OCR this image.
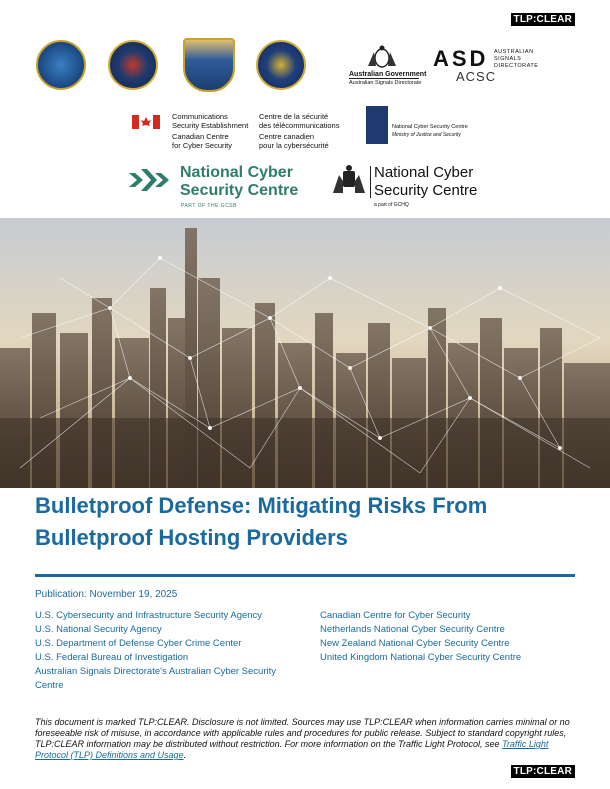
TLP:CLEAR
Australian Government
Australian Signals Directorate
ASD AUSTRALIAN
SIGNALS
DIRECTORATE
ACSC
Communications
Security Establishment
Canadian Centre
for Cyber Security
Centre de la sécurité
des télécommunications
Centre canadien
pour la cybersécurité
National Cyber Security Centre
Ministry of Justice and Security
National Cyber
Security Centre
PART OF THE GCSB
National Cyber
Security Centre
a part of GCHQ
Bulletproof Defense: Mitigating Risks From
Bulletproof Hosting Providers
Publication: November 19, 2025
U.S. Cybersecurity and Infrastructure Security Agency
U.S. National Security Agency
U.S. Department of Defense Cyber Crime Center
U.S. Federal Bureau of Investigation
Australian Signals Directorate's Australian Cyber Security
Centre
Canadian Centre for Cyber Security
Netherlands National Cyber Security Centre
New Zealand National Cyber Security Centre
United Kingdom National Cyber Security Centre
This document is marked TLP:CLEAR. Disclosure is not limited. Sources may use TLP:CLEAR when information carries minimal or no foreseeable risk of misuse, in accordance with applicable rules and procedures for public release. Subject to standard copyright rules, TLP:CLEAR information may be distributed without restriction. For more information on the Traffic Light Protocol, see Traffic Light Protocol (TLP) Definitions and Usage.
TLP:CLEAR
